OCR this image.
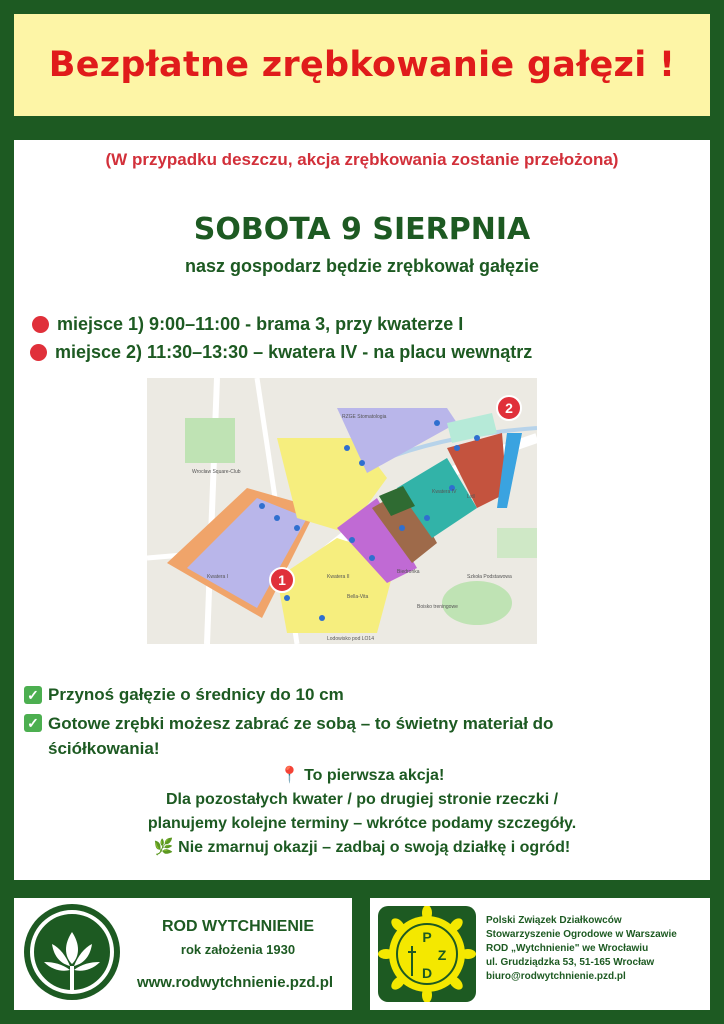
Bezpłatne zrębkowanie gałęzi !
(W przypadku deszczu, akcja zrębkowania zostanie przełożona)
SOBOTA 9 SIERPNIA
nasz gospodarz będzie zrębkował gałęzie
miejsce 1) 9:00–11:00 - brama 3, przy kwaterze I
miejsce 2) 11:30–13:30 – kwatera IV - na placu wewnątrz
1
2
Wrocław Square-Club
Lidl
Szkoła Podstawowa
Lodowisko pod LO14
RZGE Stomatologia
Biedronka
Bella-Vita
Boisko treningowe
Kwatera II
Kwatera I
Kwatera IV
✓ Przynoś gałęzie o średnicy do 10 cm
✓ Gotowe zrębki możesz zabrać ze sobą – to świetny materiał do ściółkowania!
📍 To pierwsza akcja!
Dla pozostałych kwater / po drugiej stronie rzeczki /
planujemy kolejne terminy – wkrótce podamy szczegóły.
🌿 Nie zmarnuj okazji – zadbaj o swoją działkę i ogród!
ROD WYTCHNIENIE
rok założenia 1930
www.rodwytchnienie.pzd.pl
P
Z
D
Polski Związek Działkowców
Stowarzyszenie Ogrodowe w Warszawie
ROD „Wytchnienie" we Wrocławiu
ul. Grudziądzka 53, 51-165 Wrocław
biuro@rodwytchnienie.pzd.pl
